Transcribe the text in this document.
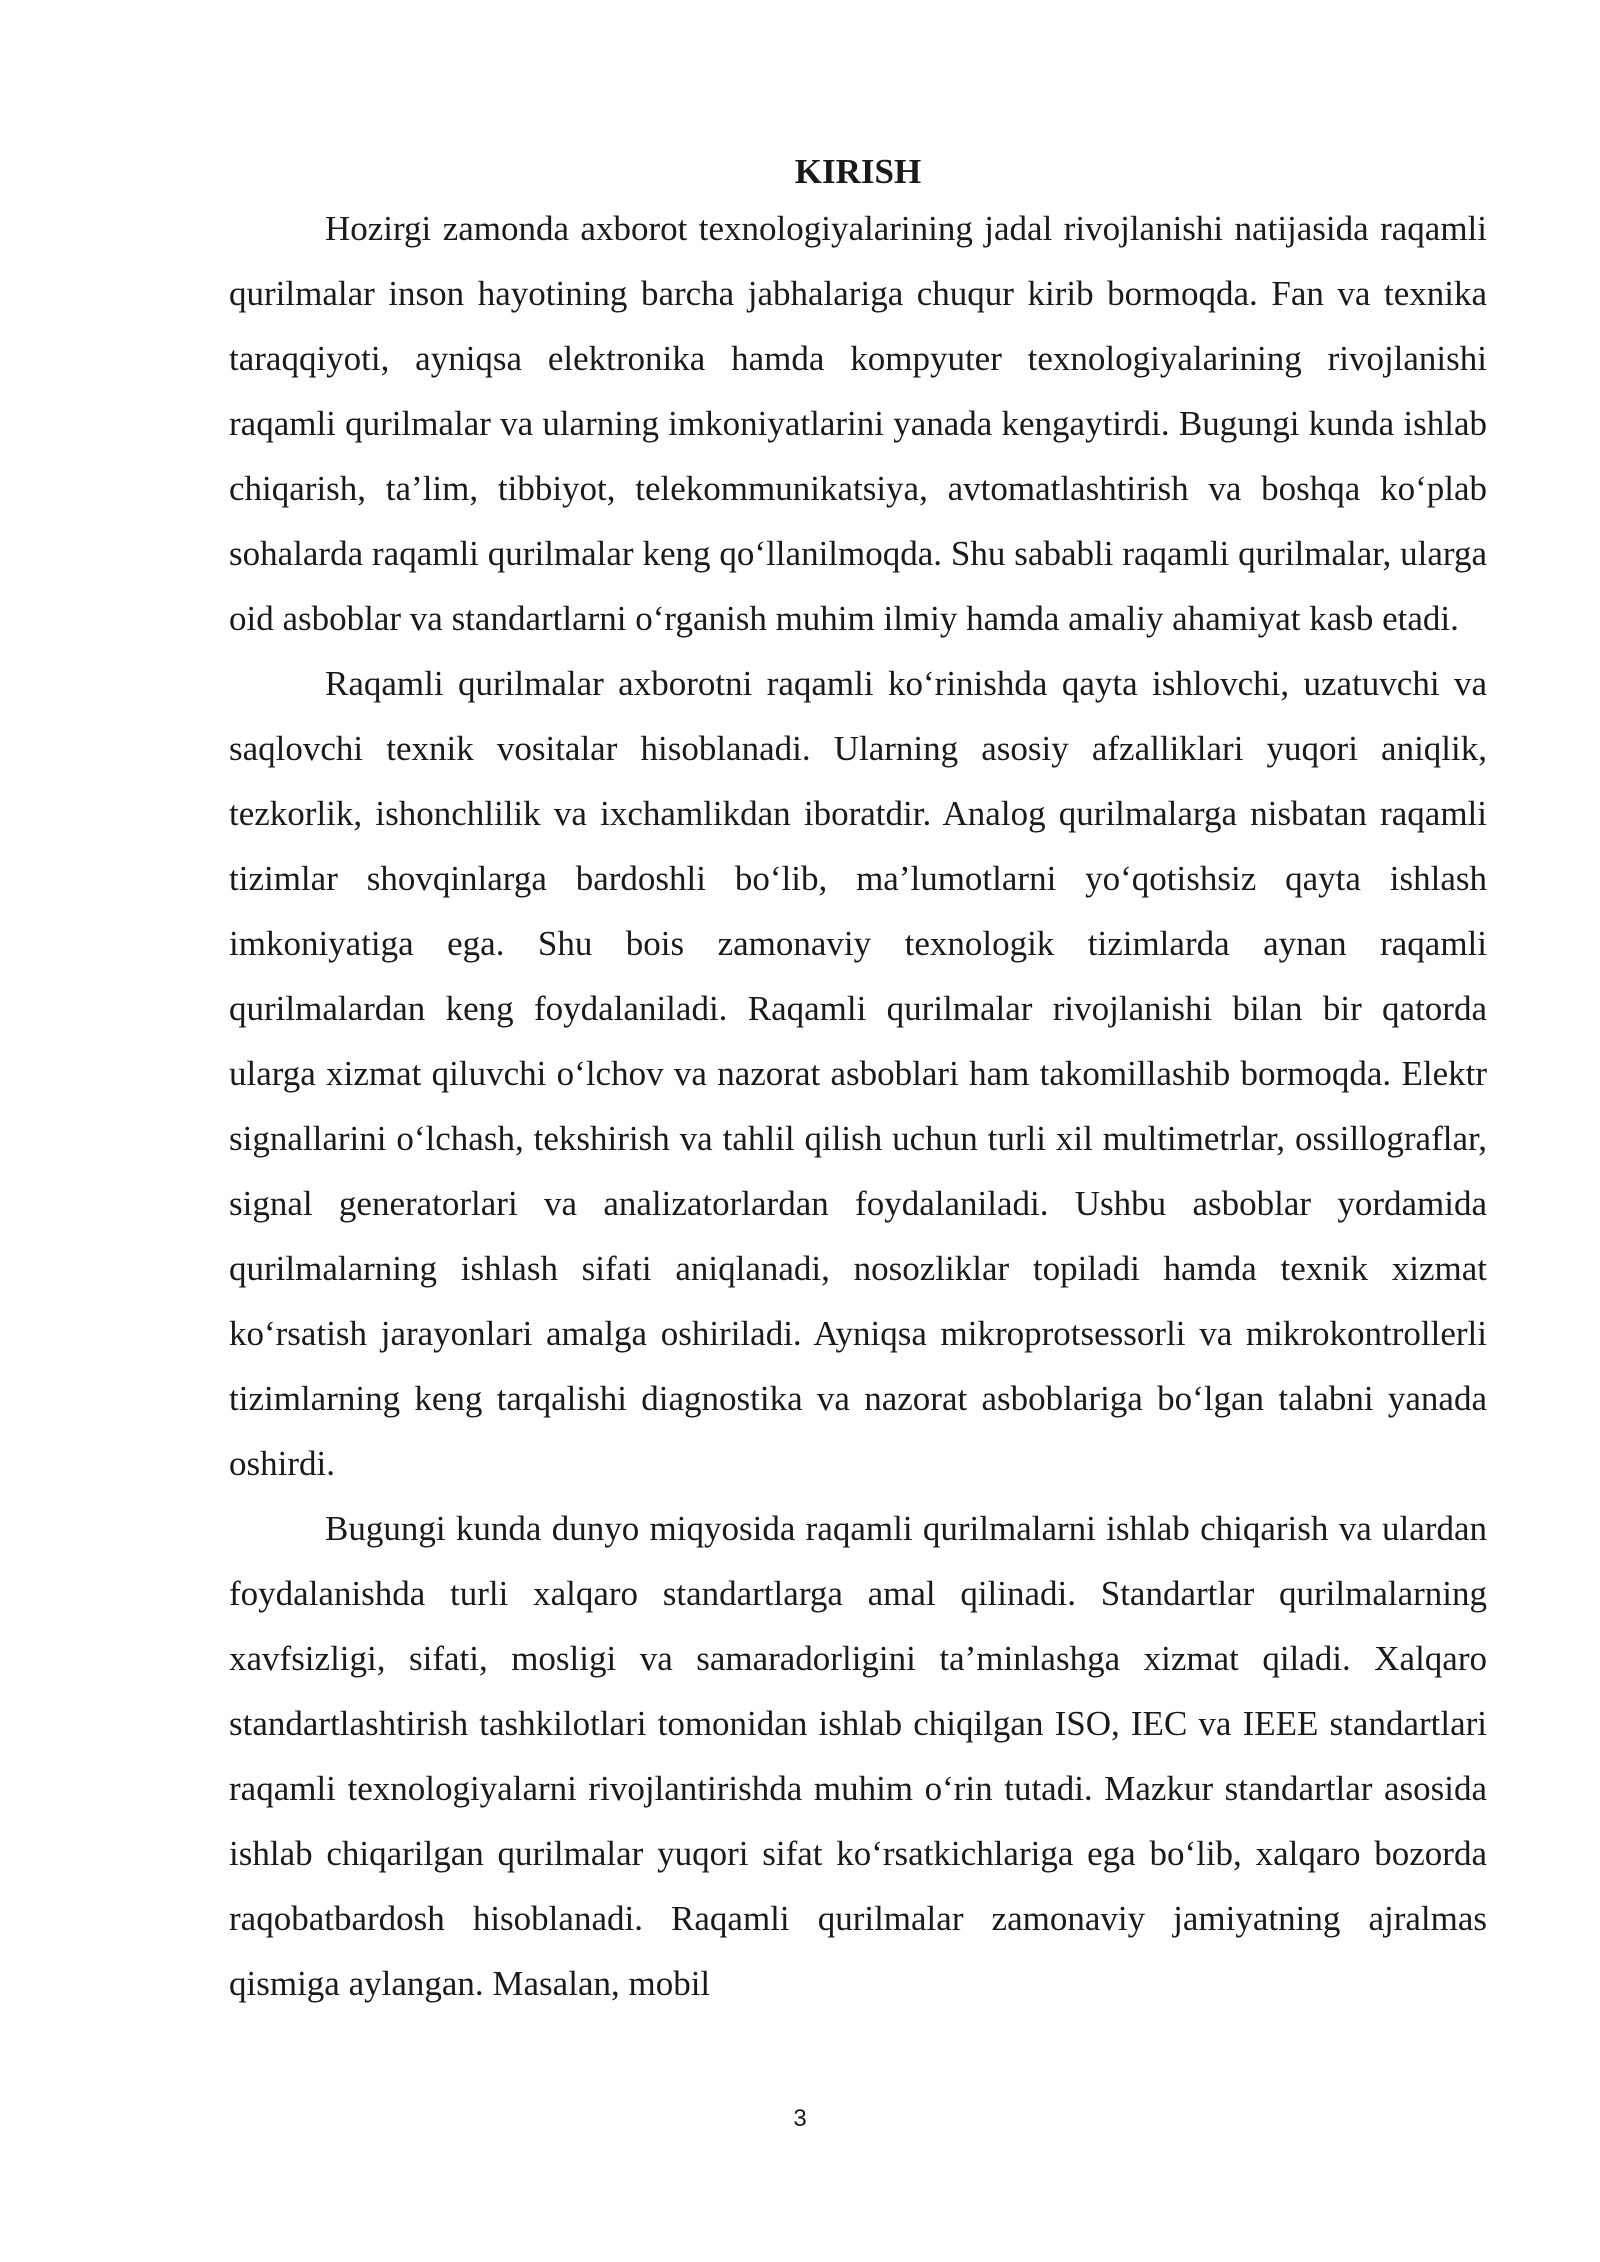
KIRISH

Hozirgi zamonda axborot texnologiyalarining jadal rivojlanishi natijasida raqamli qurilmalar inson hayotining barcha jabhalariga chuqur kirib bormoqda. Fan va texnika taraqqiyoti, ayniqsa elektronika hamda kompyuter texnologiyalarining rivojlanishi raqamli qurilmalar va ularning imkoniyatlarini yanada kengaytirdi. Bugungi kunda ishlab chiqarish, ta’lim, tibbiyot, telekommunikatsiya, avtomatlashtirish va boshqa ko‘plab sohalarda raqamli qurilmalar keng qo‘llanilmoqda. Shu sababli raqamli qurilmalar, ularga oid asboblar va standartlarni o‘rganish muhim ilmiy hamda amaliy ahamiyat kasb etadi.

Raqamli qurilmalar axborotni raqamli ko‘rinishda qayta ishlovchi, uzatuvchi va saqlovchi texnik vositalar hisoblanadi. Ularning asosiy afzalliklari yuqori aniqlik, tezkorlik, ishonchlilik va ixchamlikdan iboratdir. Analog qurilmalarga nisbatan raqamli tizimlar shovqinlarga bardoshli bo‘lib, ma’lumotlarni yo‘qotishsiz qayta ishlash imkoniyatiga ega. Shu bois zamonaviy texnologik tizimlarda aynan raqamli qurilmalardan keng foydalaniladi. Raqamli qurilmalar rivojlanishi bilan bir qatorda ularga xizmat qiluvchi o‘lchov va nazorat asboblari ham takomillashib bormoqda. Elektr signallarini o‘lchash, tekshirish va tahlil qilish uchun turli xil multimetrlar, ossillograflar, signal generatorlari va analizatorlardan foydalaniladi. Ushbu asboblar yordamida qurilmalarning ishlash sifati aniqlanadi, nosozliklar topiladi hamda texnik xizmat ko‘rsatish jarayonlari amalga oshiriladi. Ayniqsa mikroprotsessorli va mikrokontrollerli tizimlarning keng tarqalishi diagnostika va nazorat asboblariga bo‘lgan talabni yanada oshirdi.

Bugungi kunda dunyo miqyosida raqamli qurilmalarni ishlab chiqarish va ulardan foydalanishda turli xalqaro standartlarga amal qilinadi. Standartlar qurilmalarning xavfsizligi, sifati, mosligi va samaradorligini ta’minlashga xizmat qiladi. Xalqaro standartlashtirish tashkilotlari tomonidan ishlab chiqilgan ISO, IEC va IEEE standartlari raqamli texnologiyalarni rivojlantirishda muhim o‘rin tutadi. Mazkur standartlar asosida ishlab chiqarilgan qurilmalar yuqori sifat ko‘rsatkichlariga ega bo‘lib, xalqaro bozorda raqobatbardosh hisoblanadi. Raqamli qurilmalar zamonaviy jamiyatning ajralmas qismiga aylangan. Masalan, mobil

3
